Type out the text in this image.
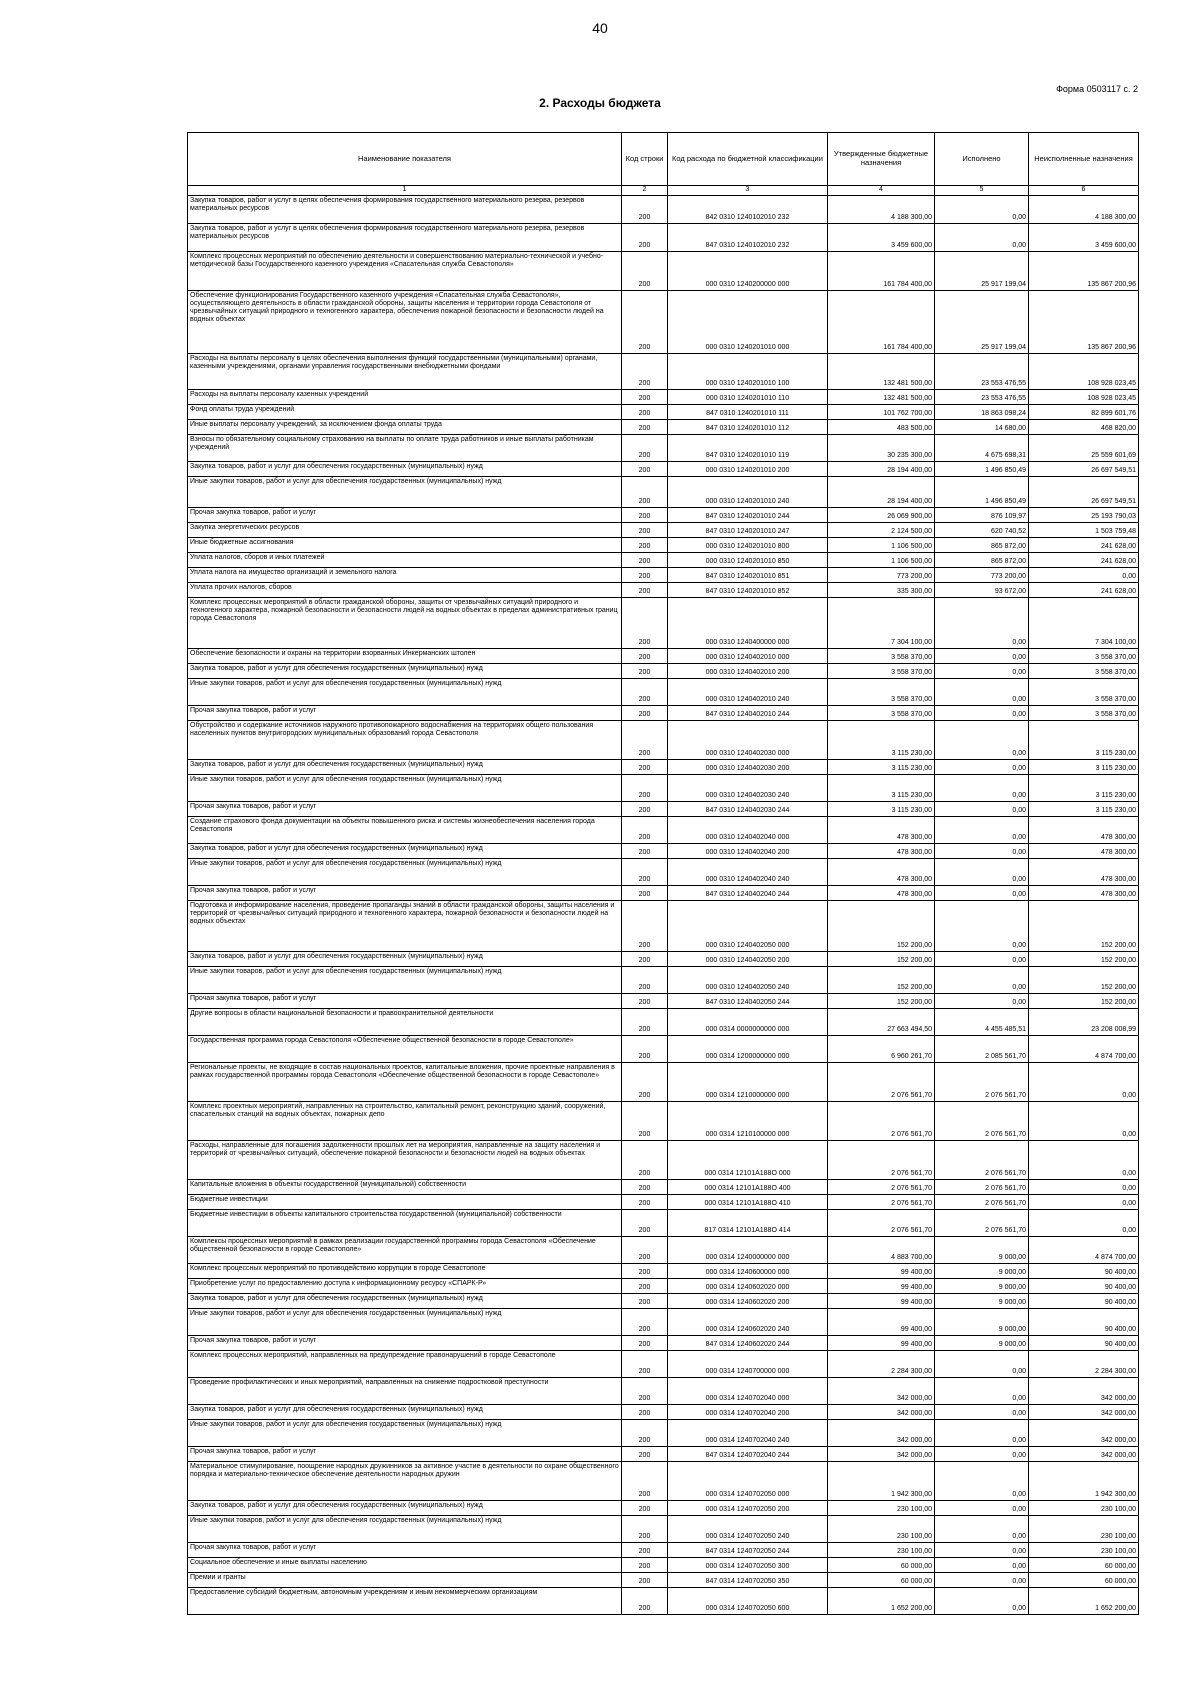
40
Форма 0503117 с. 2
2. Расходы бюджета
Наименование показателя	Код строки	Код расхода по бюджетной классификации	Утвержденные бюджетные назначения	Исполнено	Неисполненные назначения
1	2	3	4	5	6
Закупка товаров, работ и услуг в целях обеспечения формирования государственного материального резерва, резервов материальных ресурсов	200	842 0310 1240102010 232	4 188 300,00	0,00	4 188 300,00
Закупка товаров, работ и услуг в целях обеспечения формирования государственного материального резерва, резервов материальных ресурсов	200	847 0310 1240102010 232	3 459 600,00	0,00	3 459 600,00
Комплекс процессных мероприятий по обеспечению деятельности и совершенствованию материально-технической и учебно-методической базы Государственного казенного учреждения «Спасательная служба Севастополя»	200	000 0310 1240200000 000	161 784 400,00	25 917 199,04	135 867 200,96
Обеспечение функционирования Государственного казенного учреждения «Спасательная служба Севастополя», осуществляющего деятельность в области гражданской обороны, защиты населения и территории города Севастополя от чрезвычайных ситуаций природного и техногенного характера, обеспечения пожарной безопасности и безопасности людей на водных объектах	200	000 0310 1240201010 000	161 784 400,00	25 917 199,04	135 867 200,96
Расходы на выплаты персоналу в целях обеспечения выполнения функций государственными (муниципальными) органами, казенными учреждениями, органами управления государственными внебюджетными фондами	200	000 0310 1240201010 100	132 481 500,00	23 553 476,55	108 928 023,45
Расходы на выплаты персоналу казенных учреждений	200	000 0310 1240201010 110	132 481 500,00	23 553 476,55	108 928 023,45
Фонд оплаты труда учреждений	200	847 0310 1240201010 111	101 762 700,00	18 863 098,24	82 899 601,76
Иные выплаты персоналу учреждений, за исключением фонда оплаты труда	200	847 0310 1240201010 112	483 500,00	14 680,00	468 820,00
Взносы по обязательному социальному страхованию на выплаты по оплате труда работников и иные выплаты работникам учреждений	200	847 0310 1240201010 119	30 235 300,00	4 675 698,31	25 559 601,69
Закупка товаров, работ и услуг для обеспечения государственных (муниципальных) нужд	200	000 0310 1240201010 200	28 194 400,00	1 496 850,49	26 697 549,51
Иные закупки товаров, работ и услуг для обеспечения государственных (муниципальных) нужд	200	000 0310 1240201010 240	28 194 400,00	1 496 850,49	26 697 549,51
Прочая закупка товаров, работ и услуг	200	847 0310 1240201010 244	26 069 900,00	876 109,97	25 193 790,03
Закупка энергетических ресурсов	200	847 0310 1240201010 247	2 124 500,00	620 740,52	1 503 759,48
Иные бюджетные ассигнования	200	000 0310 1240201010 800	1 106 500,00	865 872,00	241 628,00
Уплата налогов, сборов и иных платежей	200	000 0310 1240201010 850	1 106 500,00	865 872,00	241 628,00
Уплата налога на имущество организаций и земельного налога	200	847 0310 1240201010 851	773 200,00	773 200,00	0,00
Уплата прочих налогов, сборов	200	847 0310 1240201010 852	335 300,00	93 672,00	241 628,00
Комплекс процессных мероприятий в области гражданской обороны, защиты от чрезвычайных ситуаций природного и техногенного характера, пожарной безопасности и безопасности людей на водных объектах в пределах административных границ города Севастополя	200	000 0310 1240400000 000	7 304 100,00	0,00	7 304 100,00
Обеспечение безопасности и охраны на территории взорванных Инкерманских штолен	200	000 0310 1240402010 000	3 558 370,00	0,00	3 558 370,00
Закупка товаров, работ и услуг для обеспечения государственных (муниципальных) нужд	200	000 0310 1240402010 200	3 558 370,00	0,00	3 558 370,00
Иные закупки товаров, работ и услуг для обеспечения государственных (муниципальных) нужд	200	000 0310 1240402010 240	3 558 370,00	0,00	3 558 370,00
Прочая закупка товаров, работ и услуг	200	847 0310 1240402010 244	3 558 370,00	0,00	3 558 370,00
Обустройство и содержание источников наружного противопожарного водоснабжения на территориях общего пользования населенных пунктов внутригородских муниципальных образований города Севастополя	200	000 0310 1240402030 000	3 115 230,00	0,00	3 115 230,00
Закупка товаров, работ и услуг для обеспечения государственных (муниципальных) нужд	200	000 0310 1240402030 200	3 115 230,00	0,00	3 115 230,00
Иные закупки товаров, работ и услуг для обеспечения государственных (муниципальных) нужд	200	000 0310 1240402030 240	3 115 230,00	0,00	3 115 230,00
Прочая закупка товаров, работ и услуг	200	847 0310 1240402030 244	3 115 230,00	0,00	3 115 230,00
Создание страхового фонда документации на объекты повышенного риска и системы жизнеобеспечения населения города Севастополя	200	000 0310 1240402040 000	478 300,00	0,00	478 300,00
Закупка товаров, работ и услуг для обеспечения государственных (муниципальных) нужд	200	000 0310 1240402040 200	478 300,00	0,00	478 300,00
Иные закупки товаров, работ и услуг для обеспечения государственных (муниципальных) нужд	200	000 0310 1240402040 240	478 300,00	0,00	478 300,00
Прочая закупка товаров, работ и услуг	200	847 0310 1240402040 244	478 300,00	0,00	478 300,00
Подготовка и информирование населения, проведение пропаганды знаний в области гражданской обороны, защиты населения и территорий от чрезвычайных ситуаций природного и техногенного характера, пожарной безопасности и безопасности людей на водных объектах	200	000 0310 1240402050 000	152 200,00	0,00	152 200,00
Закупка товаров, работ и услуг для обеспечения государственных (муниципальных) нужд	200	000 0310 1240402050 200	152 200,00	0,00	152 200,00
Иные закупки товаров, работ и услуг для обеспечения государственных (муниципальных) нужд	200	000 0310 1240402050 240	152 200,00	0,00	152 200,00
Прочая закупка товаров, работ и услуг	200	847 0310 1240402050 244	152 200,00	0,00	152 200,00
Другие вопросы в области национальной безопасности и правоохранительной деятельности	200	000 0314 0000000000 000	27 663 494,50	4 455 485,51	23 208 008,99
Государственная программа города Севастополя «Обеспечение общественной безопасности в городе Севастополе»	200	000 0314 1200000000 000	6 960 261,70	2 085 561,70	4 874 700,00
Региональные проекты, не входящие в состав национальных проектов, капитальные вложения, прочие проектные направления в рамках государственной программы города Севастополя «Обеспечение общественной безопасности в городе Севастополе»	200	000 0314 1210000000 000	2 076 561,70	2 076 561,70	0,00
Комплекс проектных мероприятий, направленных на строительство, капитальный ремонт, реконструкцию зданий, сооружений, спасательных станций на водных объектах, пожарных депо	200	000 0314 1210100000 000	2 076 561,70	2 076 561,70	0,00
Расходы, направленные для погашения задолженности прошлых лет на мероприятия, направленные на защиту населения и территорий от чрезвычайных ситуаций, обеспечение пожарной безопасности и безопасности людей на водных объектах	200	000 0314 12101А188О 000	2 076 561,70	2 076 561,70	0,00
Капитальные вложения в объекты государственной (муниципальной) собственности	200	000 0314 12101А188О 400	2 076 561,70	2 076 561,70	0,00
Бюджетные инвестиции	200	000 0314 12101А188О 410	2 076 561,70	2 076 561,70	0,00
Бюджетные инвестиции в объекты капитального строительства государственной (муниципальной) собственности	200	817 0314 12101А188О 414	2 076 561,70	2 076 561,70	0,00
Комплексы процессных мероприятий в рамках реализации государственной программы города Севастополя «Обеспечение общественной безопасности в городе Севастополе»	200	000 0314 1240000000 000	4 883 700,00	9 000,00	4 874 700,00
Комплекс процессных мероприятий по противодействию коррупции в городе Севастополе	200	000 0314 1240600000 000	99 400,00	9 000,00	90 400,00
Приобретение услуг по предоставлению доступа к информационному ресурсу «СПАРК-Р»	200	000 0314 1240602020 000	99 400,00	9 000,00	90 400,00
Закупка товаров, работ и услуг для обеспечения государственных (муниципальных) нужд	200	000 0314 1240602020 200	99 400,00	9 000,00	90 400,00
Иные закупки товаров, работ и услуг для обеспечения государственных (муниципальных) нужд	200	000 0314 1240602020 240	99 400,00	9 000,00	90 400,00
Прочая закупка товаров, работ и услуг	200	847 0314 1240602020 244	99 400,00	9 000,00	90 400,00
Комплекс процессных мероприятий, направленных на предупреждение правонарушений в городе Севастополе	200	000 0314 1240700000 000	2 284 300,00	0,00	2 284 300,00
Проведение профилактических и иных мероприятий, направленных на снижение подростковой преступности	200	000 0314 1240702040 000	342 000,00	0,00	342 000,00
Закупка товаров, работ и услуг для обеспечения государственных (муниципальных) нужд	200	000 0314 1240702040 200	342 000,00	0,00	342 000,00
Иные закупки товаров, работ и услуг для обеспечения государственных (муниципальных) нужд	200	000 0314 1240702040 240	342 000,00	0,00	342 000,00
Прочая закупка товаров, работ и услуг	200	847 0314 1240702040 244	342 000,00	0,00	342 000,00
Материальное стимулирование, поощрение народных дружинников за активное участие в деятельности по охране общественного порядка и материально-техническое обеспечение деятельности народных дружин	200	000 0314 1240702050 000	1 942 300,00	0,00	1 942 300,00
Закупка товаров, работ и услуг для обеспечения государственных (муниципальных) нужд	200	000 0314 1240702050 200	230 100,00	0,00	230 100,00
Иные закупки товаров, работ и услуг для обеспечения государственных (муниципальных) нужд	200	000 0314 1240702050 240	230 100,00	0,00	230 100,00
Прочая закупка товаров, работ и услуг	200	847 0314 1240702050 244	230 100,00	0,00	230 100,00
Социальное обеспечение и иные выплаты населению	200	000 0314 1240702050 300	60 000,00	0,00	60 000,00
Премии и гранты	200	847 0314 1240702050 350	60 000,00	0,00	60 000,00
Предоставление субсидий бюджетным, автономным учреждениям и иным некоммерческим организациям	200	000 0314 1240702050 600	1 652 200,00	0,00	1 652 200,00
